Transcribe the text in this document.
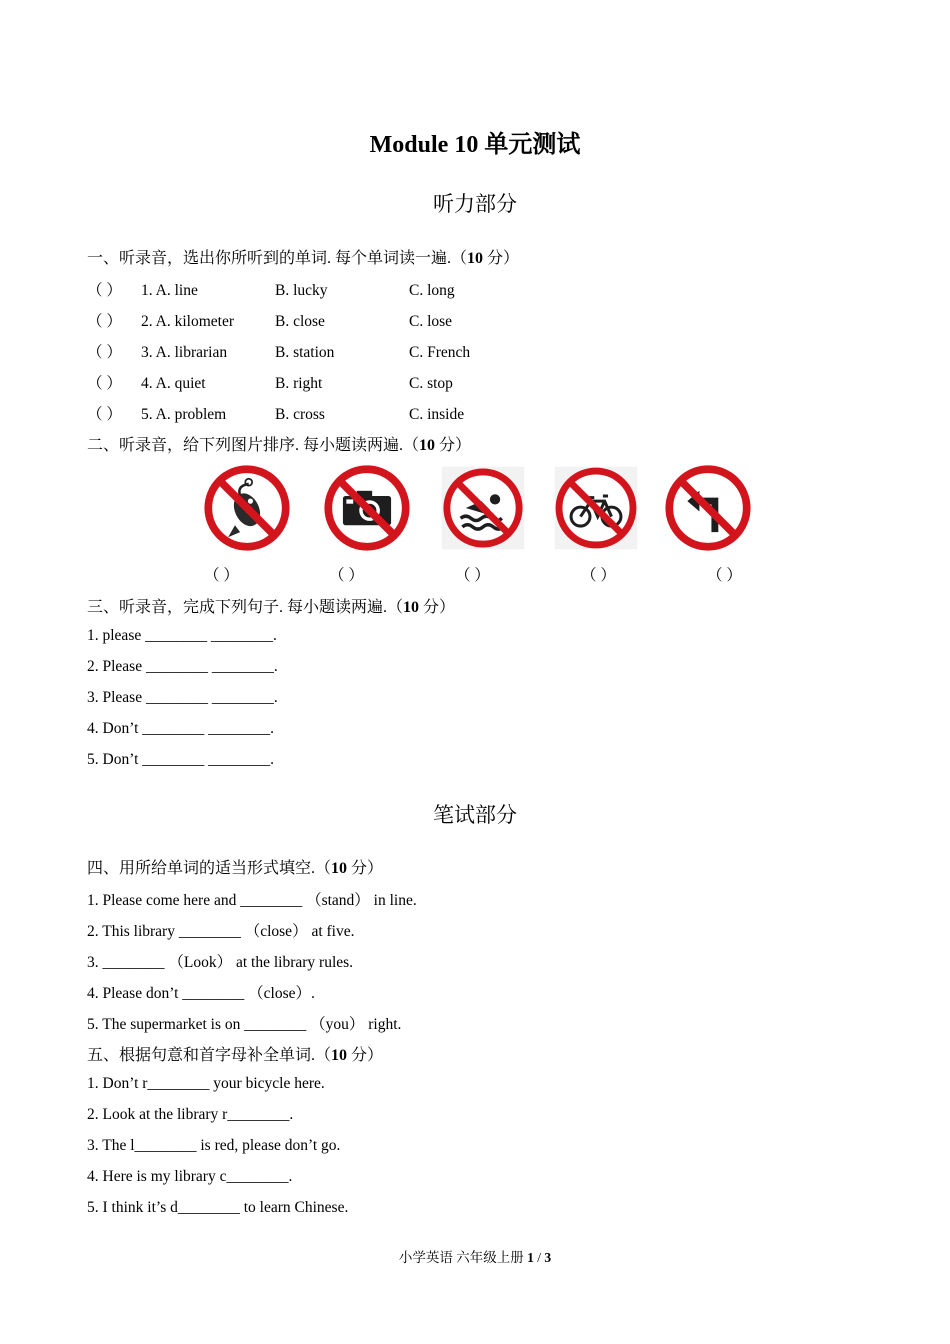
Module 10 单元测试
听力部分
一、听录音，选出你所听到的单词. 每个单词读一遍.（10 分）
（ ） 1. A. line	B. lucky	C. long
（ ） 2. A. kilometer	B. close	C. lose
（ ） 3. A. librarian	B. station	C. French
（ ） 4. A. quiet	B. right	C. stop
（ ） 5. A. problem	B. cross	C. inside
二、听录音，给下列图片排序. 每小题读两遍.（10 分）
（ ）	（ ）	（ ）	（ ）	（ ）
三、听录音，完成下列句子. 每小题读两遍.（10 分）
1. please ________ ________.
2. Please ________ ________.
3. Please ________ ________.
4. Don’t ________ ________.
5. Don’t ________ ________.
笔试部分
四、用所给单词的适当形式填空.（10 分）
1. Please come here and ________ （stand） in line.
2. This library ________ （close） at five.
3. ________ （Look） at the library rules.
4. Please don’t ________ （close）.
5. The supermarket is on ________ （you） right.
五、根据句意和首字母补全单词.（10 分）
1. Don’t r________ your bicycle here.
2. Look at the library r________.
3. The l________ is red, please don’t go.
4. Here is my library c________.
5. I think it’s d________ to learn Chinese.
小学英语 六年级上册 1 / 3
